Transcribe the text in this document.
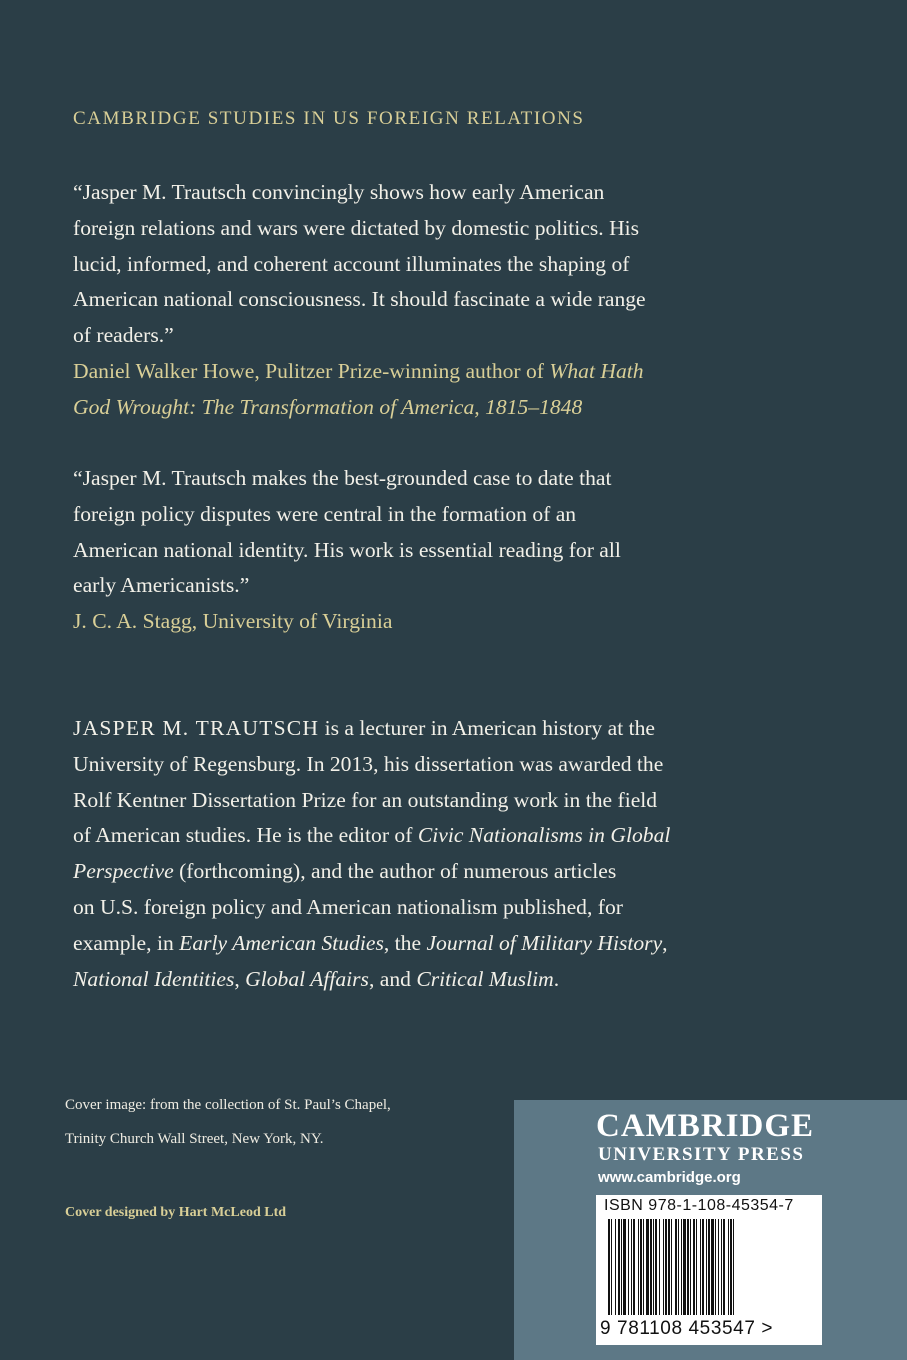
CAMBRIDGE STUDIES IN US FOREIGN RELATIONS

“Jasper M. Trautsch convincingly shows how early American

foreign relations and wars were dictated by domestic politics. His

lucid, informed, and coherent account illuminates the shaping of

American national consciousness. It should fascinate a wide range

of readers.”

Daniel Walker Howe, Pulitzer Prize-winning author of What Hath

God Wrought: The Transformation of America, 1815–1848

“Jasper M. Trautsch makes the best-grounded case to date that

foreign policy disputes were central in the formation of an

American national identity. His work is essential reading for all

early Americanists.”

J. C. A. Stagg, University of Virginia

JASPER M. TRAUTSCH is a lecturer in American history at the

University of Regensburg. In 2013, his dissertation was awarded the

Rolf Kentner Dissertation Prize for an outstanding work in the field

of American studies. He is the editor of Civic Nationalisms in Global

Perspective (forthcoming), and the author of numerous articles

on U.S. foreign policy and American nationalism published, for

example, in Early American Studies, the Journal of Military History,

National Identities, Global Affairs, and Critical Muslim.

Cover image: from the collection of St. Paul’s Chapel,
Trinity Church Wall Street, New York, NY.
Cover designed by Hart McLeod Ltd
CAMBRIDGE
UNIVERSITY PRESS
www.cambridge.org
ISBN 978-1-108-45354-7
9 781108 453547 >
